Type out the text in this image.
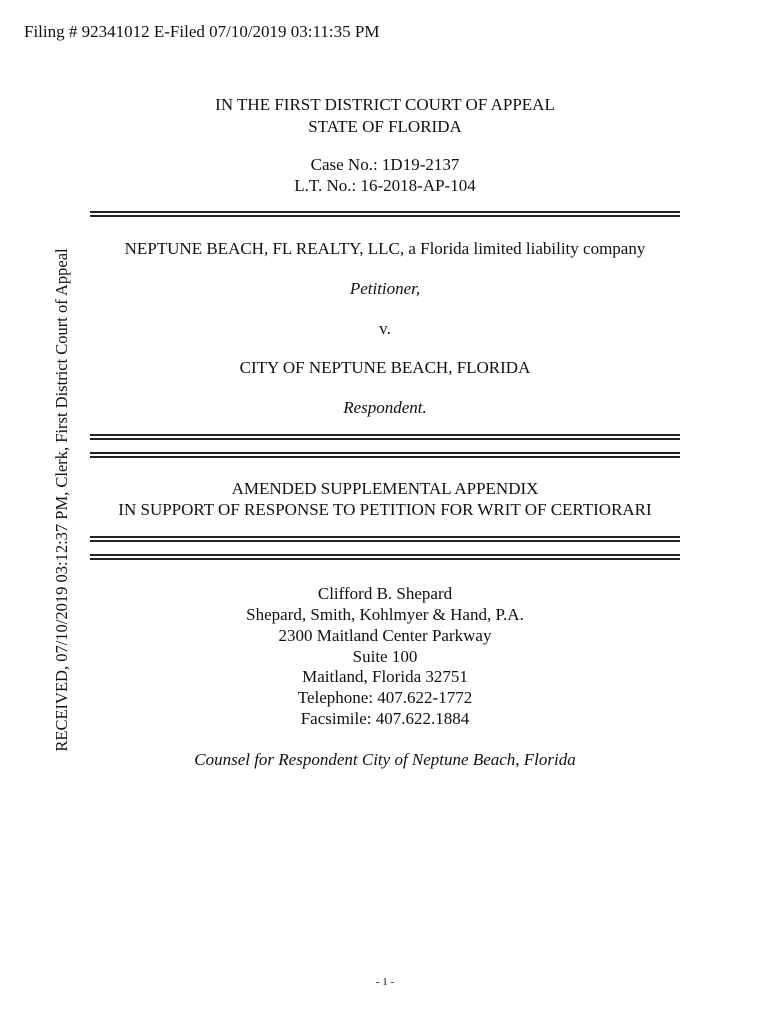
Filing # 92341012 E-Filed 07/10/2019 03:11:35 PM
RECEIVED, 07/10/2019 03:12:37 PM, Clerk, First District Court of Appeal
IN THE FIRST DISTRICT COURT OF APPEAL
STATE OF FLORIDA
Case No.: 1D19-2137
L.T. No.: 16-2018-AP-104
NEPTUNE BEACH, FL REALTY, LLC, a Florida limited liability company
Petitioner,
v.
CITY OF NEPTUNE BEACH, FLORIDA
Respondent.
AMENDED SUPPLEMENTAL APPENDIX
IN SUPPORT OF RESPONSE TO PETITION FOR WRIT OF CERTIORARI
Clifford B. Shepard
Shepard, Smith, Kohlmyer & Hand, P.A.
2300 Maitland Center Parkway
Suite 100
Maitland, Florida 32751
Telephone: 407.622-1772
Facsimile: 407.622.1884
Counsel for Respondent City of Neptune Beach, Florida
- 1 -
